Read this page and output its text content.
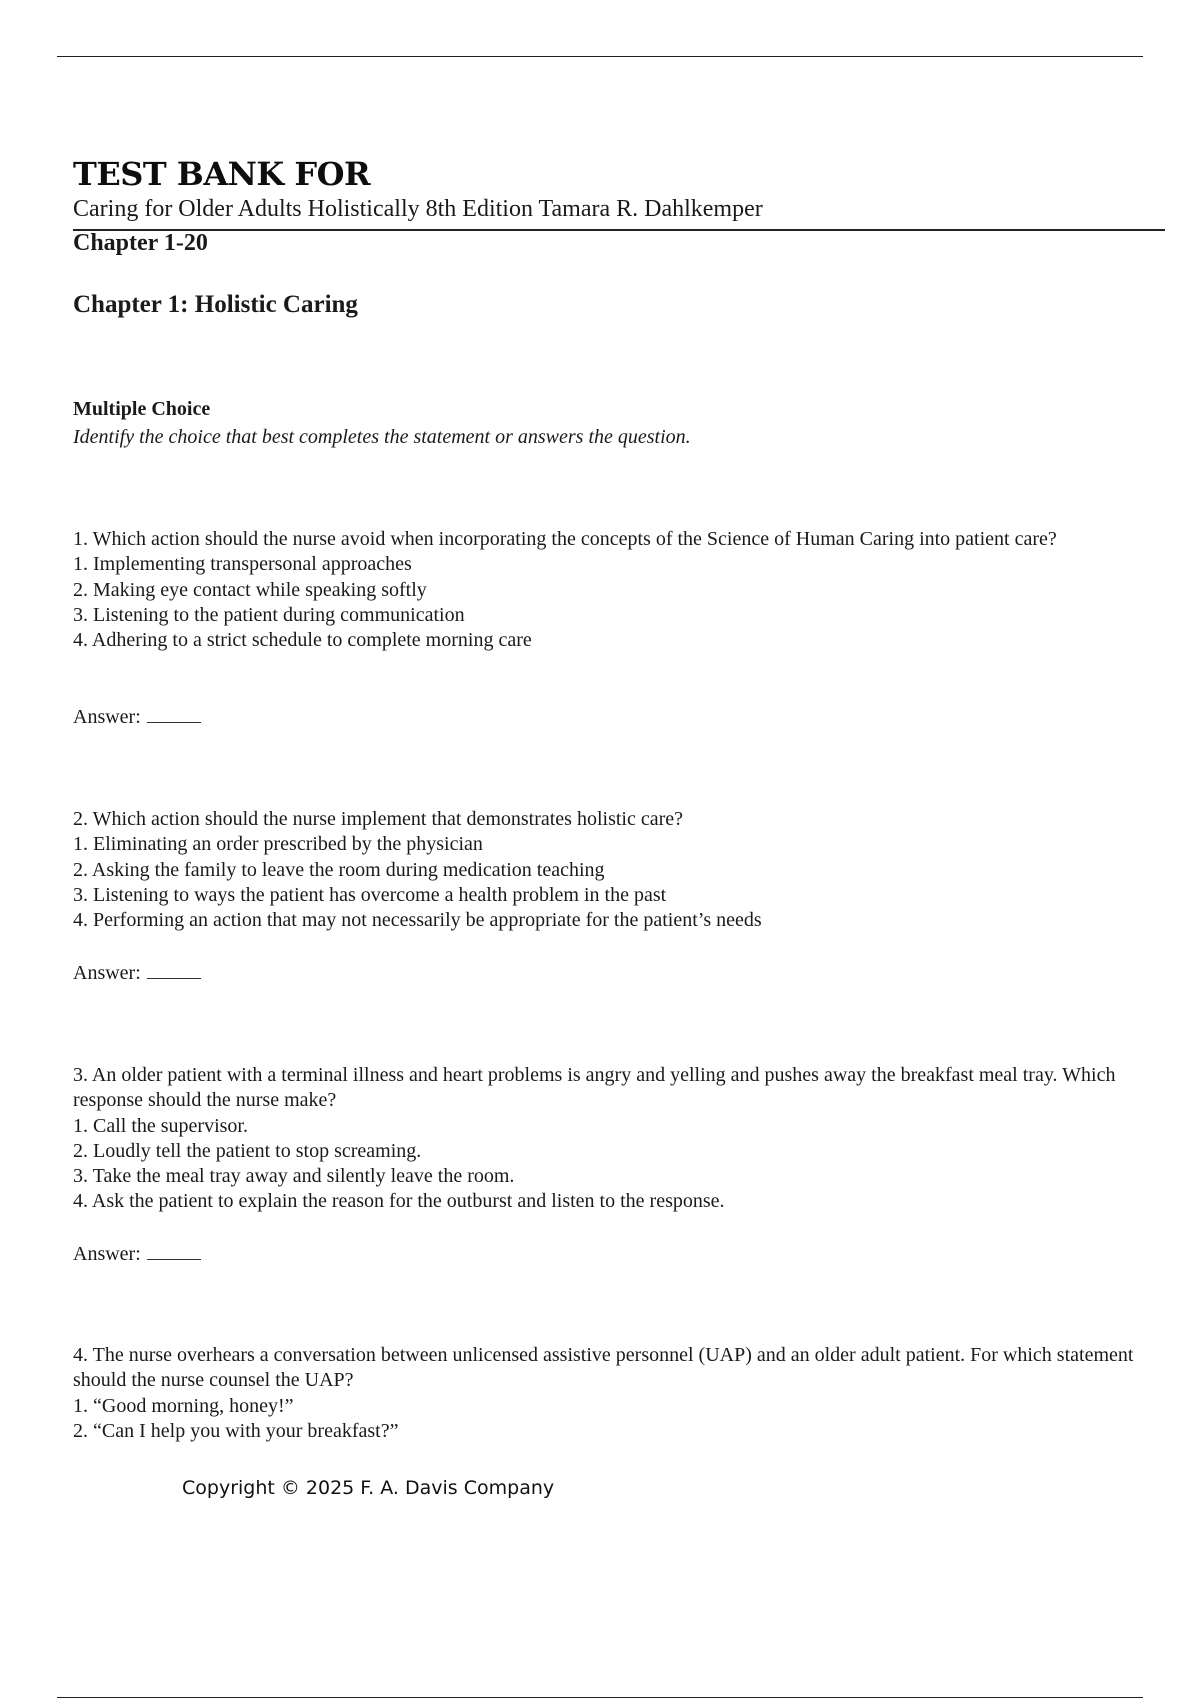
TEST BANK FOR
Caring for Older Adults Holistically 8th Edition Tamara R. Dahlkemper
Chapter 1-20
Chapter 1: Holistic Caring
Multiple Choice
Identify the choice that best completes the statement or answers the question.
1. Which action should the nurse avoid when incorporating the concepts of the Science of Human Caring into patient care?
1. Implementing transpersonal approaches
2. Making eye contact while speaking softly
3. Listening to the patient during communication
4. Adhering to a strict schedule to complete morning care
Answer:
2. Which action should the nurse implement that demonstrates holistic care?
1. Eliminating an order prescribed by the physician
2. Asking the family to leave the room during medication teaching
3. Listening to ways the patient has overcome a health problem in the past
4. Performing an action that may not necessarily be appropriate for the patient’s needs
Answer:
3. An older patient with a terminal illness and heart problems is angry and yelling and pushes away the breakfast meal tray. Which response should the nurse make?
1. Call the supervisor.
2. Loudly tell the patient to stop screaming.
3. Take the meal tray away and silently leave the room.
4. Ask the patient to explain the reason for the outburst and listen to the response.
Answer:
4. The nurse overhears a conversation between unlicensed assistive personnel (UAP) and an older adult patient. For which statement should the nurse counsel the UAP?
1. “Good morning, honey!”
2. “Can I help you with your breakfast?”
Copyright © 2025 F. A. Davis Company
